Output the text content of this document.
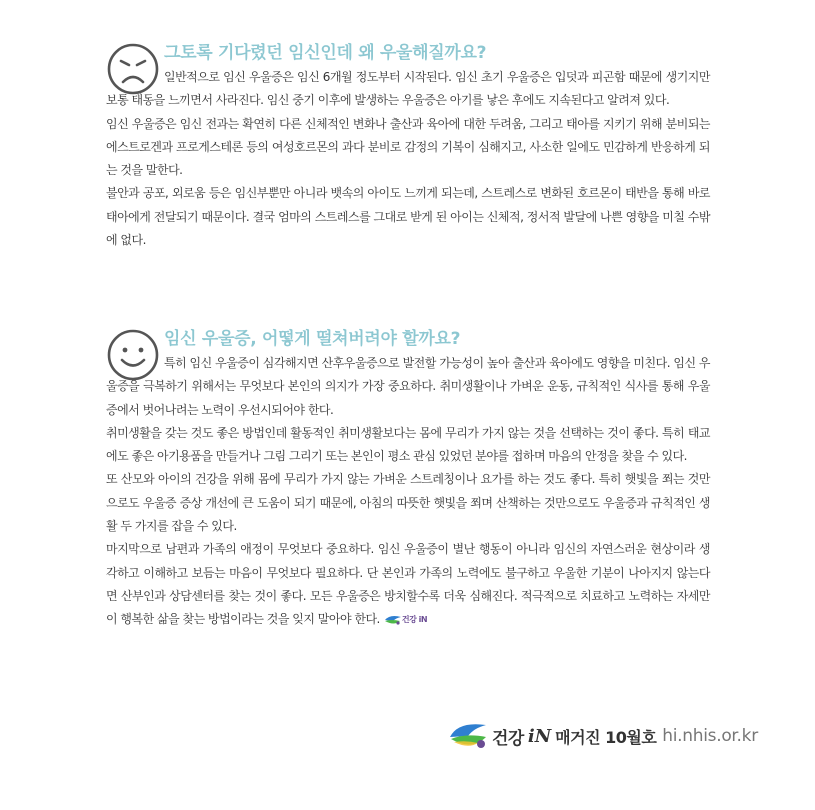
그토록 기다렸던 임신인데 왜 우울해질까요?

일반적으로 임신 우울증은 임신 6개월 정도부터 시작된다. 임신 초기 우울증은 입덧과 피곤함 때문에 생기지만 보통 태동을 느끼면서 사라진다. 임신 중기 이후에 발생하는 우울증은 아기를 낳은 후에도 지속된다고 알려져 있다.

임신 우울증은 임신 전과는 확연히 다른 신체적인 변화나 출산과 육아에 대한 두려움, 그리고 태아를 지키기 위해 분비되는 에스트로겐과 프로게스테론 등의 여성호르몬의 과다 분비로 감정의 기복이 심해지고, 사소한 일에도 민감하게 반응하게 되는 것을 말한다.

불안과 공포, 외로움 등은 임신부뿐만 아니라 뱃속의 아이도 느끼게 되는데, 스트레스로 변화된 호르몬이 태반을 통해 바로 태아에게 전달되기 때문이다. 결국 엄마의 스트레스를 그대로 받게 된 아이는 신체적, 정서적 발달에 나쁜 영향을 미칠 수밖에 없다.

임신 우울증, 어떻게 떨쳐버려야 할까요?

특히 임신 우울증이 심각해지면 산후우울증으로 발전할 가능성이 높아 출산과 육아에도 영향을 미친다. 임신 우울증을 극복하기 위해서는 무엇보다 본인의 의지가 가장 중요하다. 취미생활이나 가벼운 운동, 규칙적인 식사를 통해 우울증에서 벗어나려는 노력이 우선시되어야 한다.

취미생활을 갖는 것도 좋은 방법인데 활동적인 취미생활보다는 몸에 무리가 가지 않는 것을 선택하는 것이 좋다. 특히 태교에도 좋은 아기용품을 만들거나 그림 그리기 또는 본인이 평소 관심 있었던 분야를 접하며 마음의 안정을 찾을 수 있다.

또 산모와 아이의 건강을 위해 몸에 무리가 가지 않는 가벼운 스트레칭이나 요가를 하는 것도 좋다. 특히 햇빛을 쬐는 것만으로도 우울증 증상 개선에 큰 도움이 되기 때문에, 아침의 따뜻한 햇빛을 쬐며 산책하는 것만으로도 우울증과 규칙적인 생활 두 가지를 잡을 수 있다.

마지막으로 남편과 가족의 애정이 무엇보다 중요하다. 임신 우울증이 별난 행동이 아니라 임신의 자연스러운 현상이라 생각하고 이해하고 보듬는 마음이 무엇보다 필요하다. 단 본인과 가족의 노력에도 불구하고 우울한 기분이 나아지지 않는다면 산부인과 상담센터를 찾는 것이 좋다. 모든 우울증은 방치할수록 더욱 심해진다. 적극적으로 치료하고 노력하는 자세만이 행복한 삶을 찾는 방법이라는 것을 잊지 말아야 한다.	건강 iN

건강 iN 매거진 10월호 hi.nhis.or.kr
